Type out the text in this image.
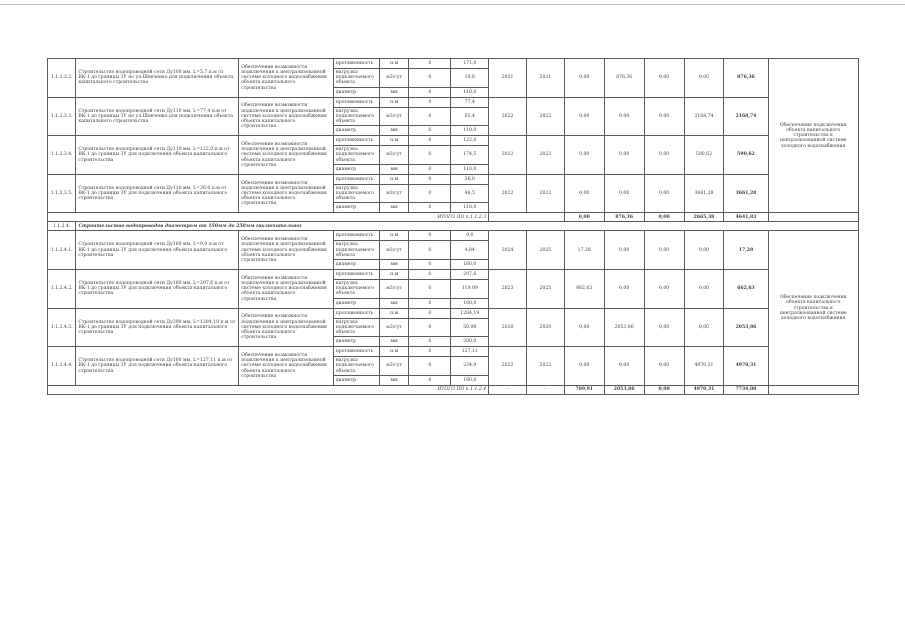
1.1.2.3.2.	Строительство водопроводной сети Ду100 мм, L=5,7 п.м от ВК-1 до границы ЗУ по ул.Шевченко для подключения объекта капитального строительства	Обеспечение возможности подключения к централизованной системе холодного водоснабжения объекта капитального строительства	протяженность	п.м	0	171,0	2021	2021	0,00	876,36	0,00	0,00	876,36	Обеспечение подключения объекта капитального строительства к централизованной системе холодного водоснабжения
			нагрузка подключаемого объекта	м3/сут	0	19,6								
			диаметр	мм	0	110,0								
1.1.2.3.3.	Строительство водопроводной сети Ду110 мм, L=77,4 п.м от ВК-1 до границы ЗУ по ул.Шевченко для подключения объекта капитального строительства	Обеспечение возможности подключения к централизованной системе холодного водоснабжения объекта капитального строительства	протяженность	п.м	0	77,4	2022	2022	0,00	0,00	0,00	2168,74	2168,74	
			нагрузка подключаемого объекта	м3/сут	0	65,4								
			диаметр	мм	0	110,0								
1.1.2.3.4.	Строительство водопроводной сети Ду110 мм, L=122,0 п.м от ВК-1 до границы ЗУ для подключения объекта капитального строительства	Обеспечение возможности подключения к централизованной системе холодного водоснабжения объекта капитального строительства	протяженность	п.м	0	122,0	2022	2023	0,00	0,00	0,00	590,62	590,62	
			нагрузка подключаемого объекта	м3/сут	0	174,5								
			диаметр	мм	0	110,0								
1.1.2.3.5.	Строительство водопроводной сети Ду110 мм, L=36,0 п.м от ВК-1 до границы ЗУ для подключения объекта капитального строительства	Обеспечение возможности подключения к централизованной системе холодного водоснабжения объекта капитального строительства	протяженность	п.м	0	36,0	2022	2022	0,00	0,00	0,00	3661,28	3661,28	
			нагрузка подключаемого объекта	м3/сут	0	48,5								
			диаметр	мм	0	110,0								
ИТОГО ПО п.1.1.2.3									0,00	876,36	0,00	2665,38	4641,83	
1.1.2.4.	Строительство водопроводов диаметром от 150мм до 250мм (включительно)													
1.1.2.4.1.	Строительство водопроводной сети Ду160 мм, L=9,0 п.м от ВК-1 до границы ЗУ для подключения объекта капитального строительства	Обеспечение возможности подключения к централизованной системе холодного водоснабжения объекта капитального строительства	протяженность	п.м	0	9,0	2024	2025	17,28	0,00	0,00	0,00	17,28	Обеспечение подключения объекта капитального строительства к централизованной системе холодного водоснабжения
			нагрузка подключаемого объекта	м3/сут	0	4,84								
			диаметр	мм	0	160,0								
1.1.2.4.2.	Строительство водопроводной сети Ду160 мм, L=297,6 п.м от ВК-1 до границы ЗУ для подключения объекта капитального строительства	Обеспечение возможности подключения к централизованной системе холодного водоснабжения объекта капитального строительства	протяженность	п.м	0	297,6	2023	2025	662,63	0,00	0,00	0,00	662,63	
			нагрузка подключаемого объекта	м3/сут	0	119,09								
			диаметр	мм	0	160,0								
1.1.2.4.3.	Строительство водопроводной сети Ду200 мм, L=1284,19 п.м от ВК-1 до границы ЗУ для подключения объекта капитального строительства	Обеспечение возможности подключения к централизованной системе холодного водоснабжения объекта капитального строительства	протяженность	п.м	0	1284,19	2020	2020	0,00	2053,86	0,00	0,00	2053,86	
			нагрузка подключаемого объекта	м3/сут	0	50,98								
			диаметр	мм	0	200,0								
1.1.2.4.4.	Строительство водопроводной сети Ду160 мм, L=127,11 п.м от ВК-1 до границы ЗУ для подключения объекта капитального строительства	Обеспечение возможности подключения к централизованной системе холодного водоснабжения объекта капитального строительства	протяженность	п.м	0	127,11	2022	2022	0,00	0,00	0,00	4970,31	4970,31	
			нагрузка подключаемого объекта	м3/сут	0	234,9								
			диаметр	мм	0	160,0								
ИТОГО ПО п.1.1.2.4							-	-	709,91	2053,86	0,00	4970,31	7734,08	
